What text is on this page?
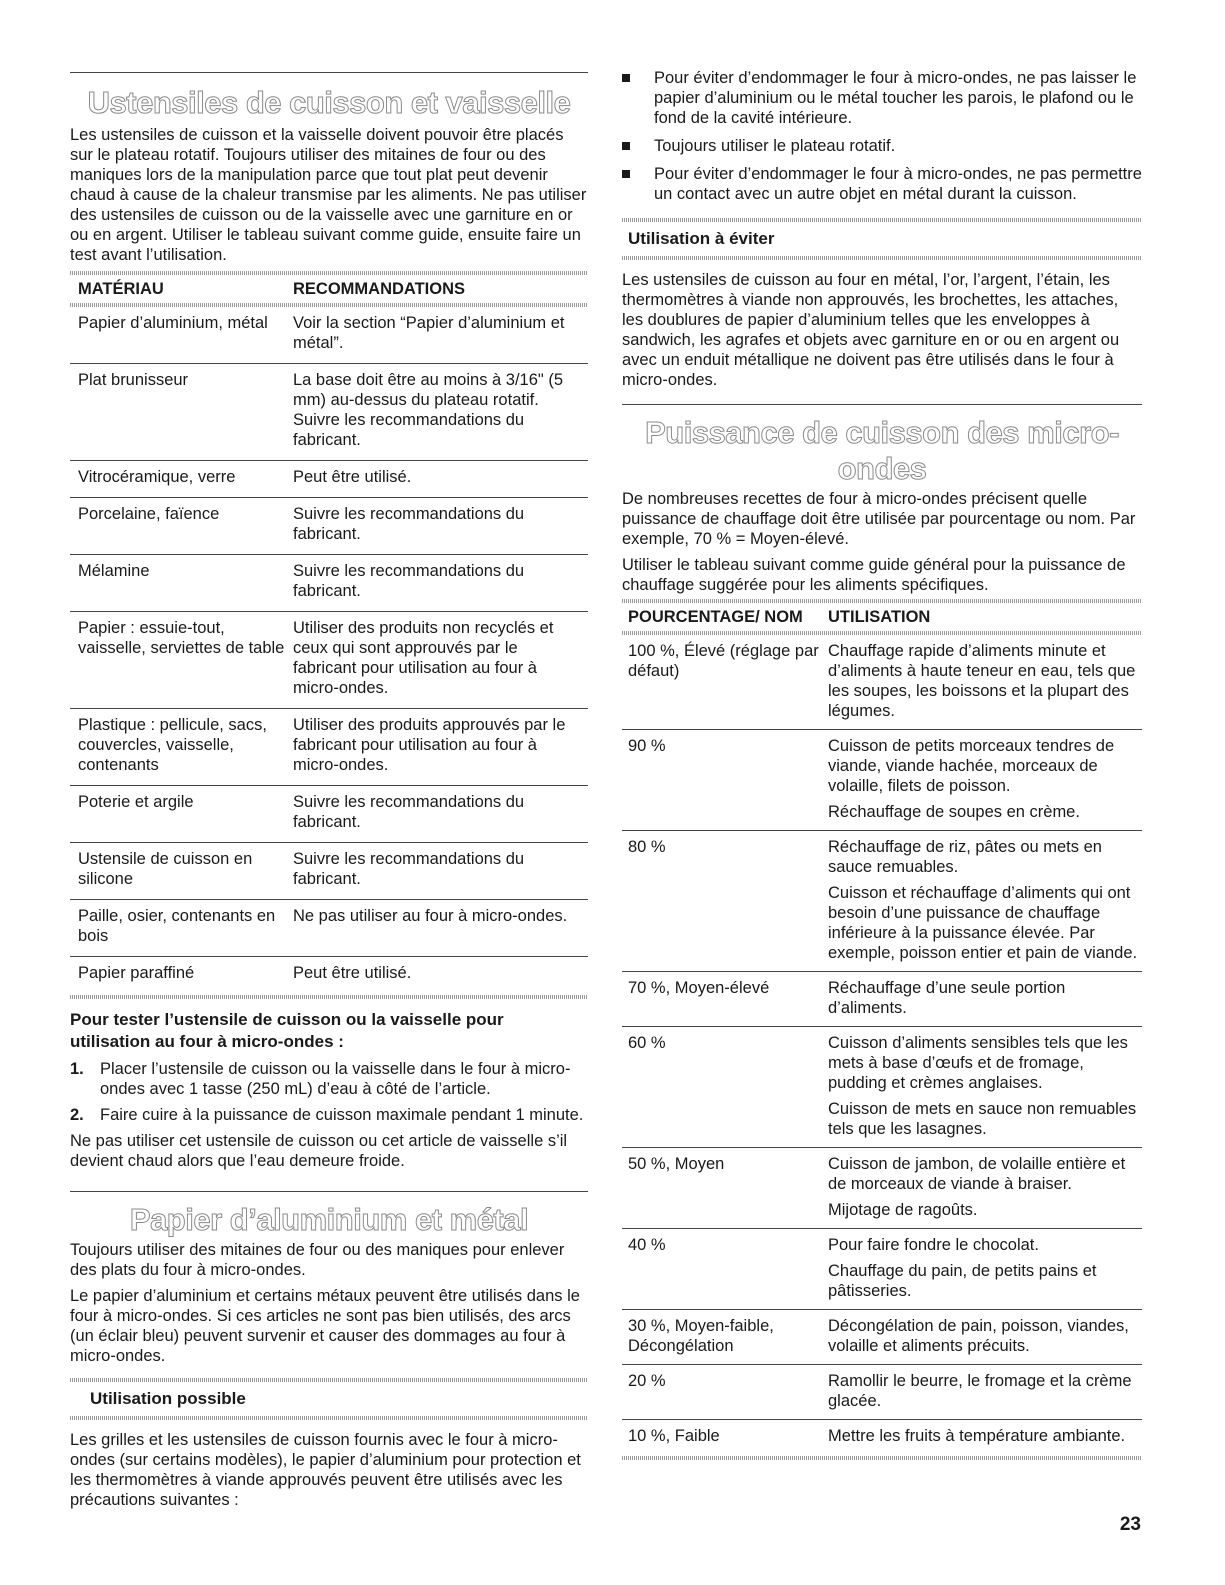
Ustensiles de cuisson et vaisselle

Les ustensiles de cuisson et la vaisselle doivent pouvoir être placés sur le plateau rotatif. Toujours utiliser des mitaines de four ou des maniques lors de la manipulation parce que tout plat peut devenir chaud à cause de la chaleur transmise par les aliments. Ne pas utiliser des ustensiles de cuisson ou de la vaisselle avec une garniture en or ou en argent. Utiliser le tableau suivant comme guide, ensuite faire un test avant l’utilisation.

MATÉRIAU	RECOMMANDATIONS

Papier d’aluminium, métal	Voir la section “Papier d’aluminium et métal”.
Plat brunisseur	La base doit être au moins à 3/16" (5 mm) au-dessus du plateau rotatif. Suivre les recommandations du fabricant.
Vitrocéramique, verre	Peut être utilisé.
Porcelaine, faïence	Suivre les recommandations du fabricant.
Mélamine	Suivre les recommandations du fabricant.
Papier : essuie-tout, vaisselle, serviettes de table	Utiliser des produits non recyclés et ceux qui sont approuvés par le fabricant pour utilisation au four à micro-ondes.
Plastique : pellicule, sacs, couvercles, vaisselle, contenants	Utiliser des produits approuvés par le fabricant pour utilisation au four à micro-ondes.
Poterie et argile	Suivre les recommandations du fabricant.
Ustensile de cuisson en silicone	Suivre les recommandations du fabricant.
Paille, osier, contenants en bois	Ne pas utiliser au four à micro-ondes.
Papier paraffiné	Peut être utilisé.

Pour tester l’ustensile de cuisson ou la vaisselle pour utilisation au four à micro-ondes :

1. Placer l’ustensile de cuisson ou la vaisselle dans le four à micro-ondes avec 1 tasse (250 mL) d’eau à côté de l’article.
2. Faire cuire à la puissance de cuisson maximale pendant 1 minute.

Ne pas utiliser cet ustensile de cuisson ou cet article de vaisselle s’il devient chaud alors que l’eau demeure froide.

Papier d’aluminium et métal

Toujours utiliser des mitaines de four ou des maniques pour enlever des plats du four à micro-ondes.

Le papier d’aluminium et certains métaux peuvent être utilisés dans le four à micro-ondes. Si ces articles ne sont pas bien utilisés, des arcs (un éclair bleu) peuvent survenir et causer des dommages au four à micro-ondes.

Utilisation possible

Les grilles et les ustensiles de cuisson fournis avec le four à micro-ondes (sur certains modèles), le papier d’aluminium pour protection et les thermomètres à viande approuvés peuvent être utilisés avec les précautions suivantes :

Pour éviter d’endommager le four à micro-ondes, ne pas laisser le papier d’aluminium ou le métal toucher les parois, le plafond ou le fond de la cavité intérieure.
Toujours utiliser le plateau rotatif.
Pour éviter d’endommager le four à micro-ondes, ne pas permettre un contact avec un autre objet en métal durant la cuisson.

Utilisation à éviter

Les ustensiles de cuisson au four en métal, l’or, l’argent, l’étain, les thermomètres à viande non approuvés, les brochettes, les attaches, les doublures de papier d’aluminium telles que les enveloppes à sandwich, les agrafes et objets avec garniture en or ou en argent ou avec un enduit métallique ne doivent pas être utilisés dans le four à micro-ondes.

Puissance de cuisson des micro-ondes

De nombreuses recettes de four à micro-ondes précisent quelle puissance de chauffage doit être utilisée par pourcentage ou nom. Par exemple, 70 % = Moyen-élevé.

Utiliser le tableau suivant comme guide général pour la puissance de chauffage suggérée pour les aliments spécifiques.

POURCENTAGE/ NOM	UTILISATION

100 %, Élevé (réglage par défaut)	Chauffage rapide d’aliments minute et d’aliments à haute teneur en eau, tels que les soupes, les boissons et la plupart des légumes.

90 %	Cuisson de petits morceaux tendres de viande, viande hachée, morceaux de volaille, filets de poisson.
Réchauffage de soupes en crème.

80 %	Réchauffage de riz, pâtes ou mets en sauce remuables.
Cuisson et réchauffage d’aliments qui ont besoin d’une puissance de chauffage inférieure à la puissance élevée. Par exemple, poisson entier et pain de viande.

70 %, Moyen-élevé	Réchauffage d’une seule portion d’aliments.

60 %	Cuisson d’aliments sensibles tels que les mets à base d’œufs et de fromage, pudding et crèmes anglaises.
Cuisson de mets en sauce non remuables tels que les lasagnes.

50 %, Moyen	Cuisson de jambon, de volaille entière et de morceaux de viande à braiser.
Mijotage de ragoûts.

40 %	Pour faire fondre le chocolat.
Chauffage du pain, de petits pains et pâtisseries.

30 %, Moyen-faible, Décongélation	Décongélation de pain, poisson, viandes, volaille et aliments précuits.

20 %	Ramollir le beurre, le fromage et la crème glacée.

10 %, Faible	Mettre les fruits à température ambiante.
23
